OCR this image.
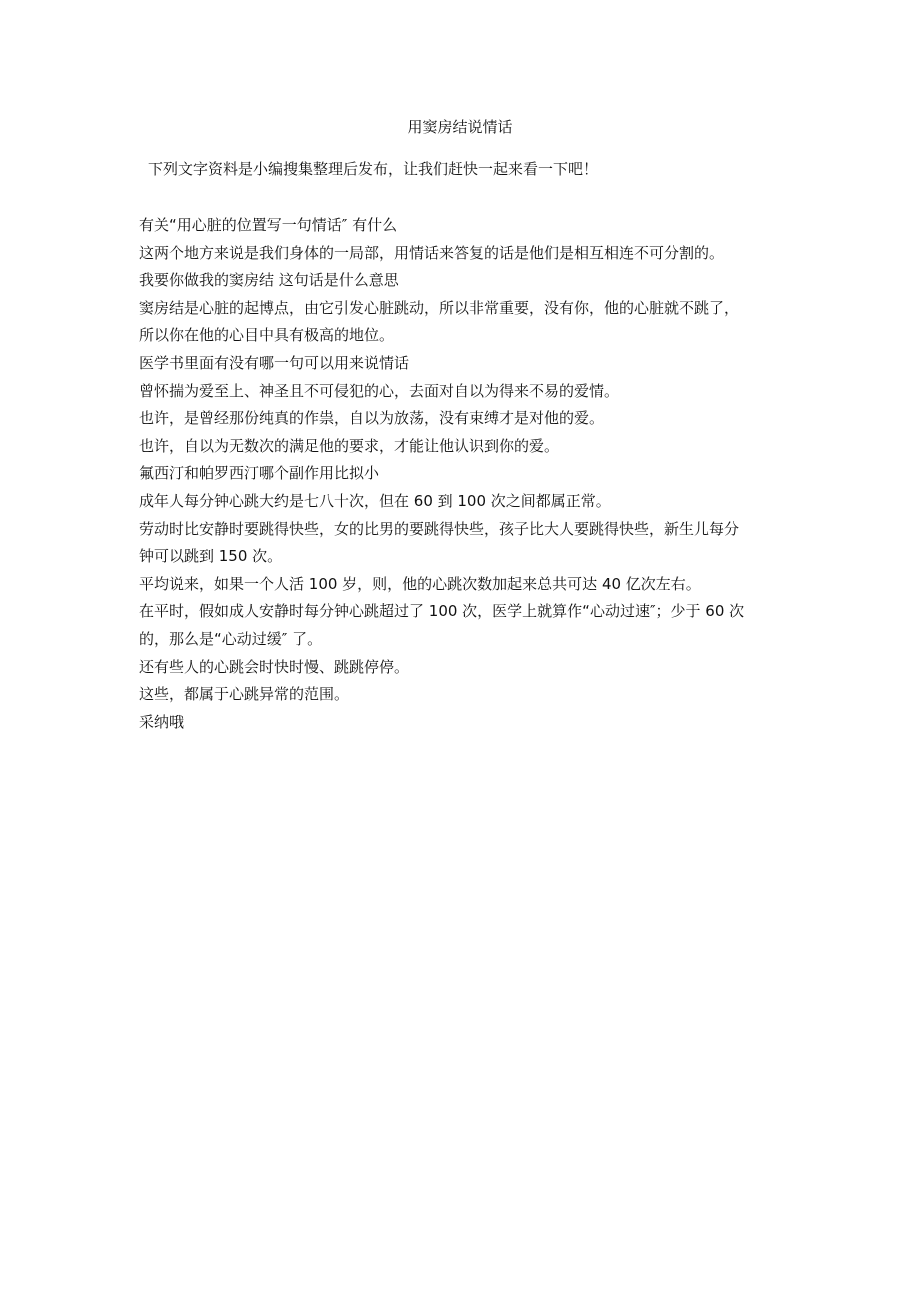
用窦房结说情话
下列文字资料是小编搜集整理后发布，让我们赶快一起来看一下吧！
有关“用心脏的位置写一句情话″ 有什么
这两个地方来说是我们身体的一局部，用情话来答复的话是他们是相互相连不可分割的。
我要你做我的窦房结 这句话是什么意思
窦房结是心脏的起博点，由它引发心脏跳动，所以非常重要，没有你，他的心脏就不跳了，
所以你在他的心目中具有极高的地位。
医学书里面有没有哪一句可以用来说情话
曾怀揣为爱至上、神圣且不可侵犯的心，去面对自以为得来不易的爱情。
也许，是曾经那份纯真的作祟，自以为放荡，没有束缚才是对他的爱。
也许，自以为无数次的满足他的要求，才能让他认识到你的爱。
氟西汀和帕罗西汀哪个副作用比拟小
成年人每分钟心跳大约是七八十次，但在 60 到 100 次之间都属正常。
劳动时比安静时要跳得快些，女的比男的要跳得快些，孩子比大人要跳得快些，新生儿每分
钟可以跳到 150 次。
平均说来，如果一个人活 100 岁，则，他的心跳次数加起来总共可达 40 亿次左右。
在平时，假如成人安静时每分钟心跳超过了 100 次，医学上就算作“心动过速″；少于 60 次
的，那么是“心动过缓″ 了。
还有些人的心跳会时快时慢、跳跳停停。
这些，都属于心跳异常的范围。
采纳哦
